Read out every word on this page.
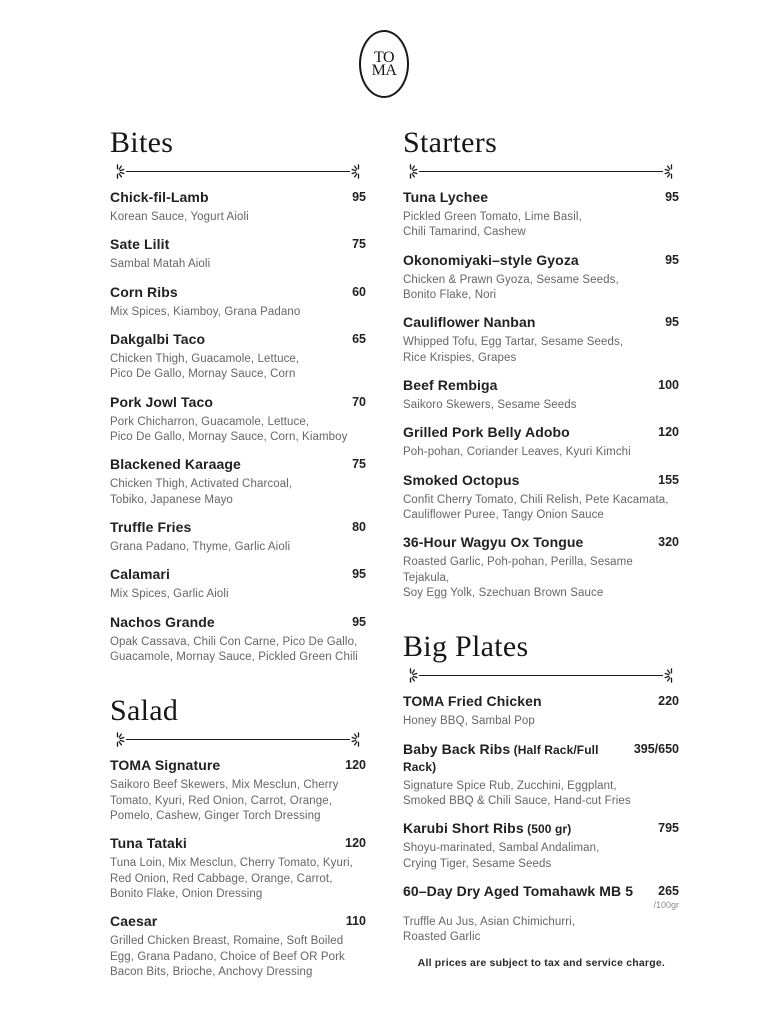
TO
MA
Bites
Chick-fil-Lamb	95
Korean Sauce, Yogurt Aioli
Sate Lilit	75
Sambal Matah Aioli
Corn Ribs	60
Mix Spices, Kiamboy, Grana Padano
Dakgalbi Taco	65
Chicken Thigh, Guacamole, Lettuce,
Pico De Gallo, Mornay Sauce, Corn
Pork Jowl Taco	70
Pork Chicharron, Guacamole, Lettuce,
Pico De Gallo, Mornay Sauce, Corn, Kiamboy
Blackened Karaage	75
Chicken Thigh, Activated Charcoal,
Tobiko, Japanese Mayo
Truffle Fries	80
Grana Padano, Thyme, Garlic Aioli
Calamari	95
Mix Spices, Garlic Aioli
Nachos Grande	95
Opak Cassava, Chili Con Carne, Pico De Gallo,
Guacamole, Mornay Sauce, Pickled Green Chili
Salad
TOMA Signature	120
Saikoro Beef Skewers, Mix Mesclun, Cherry
Tomato, Kyuri, Red Onion, Carrot, Orange,
Pomelo, Cashew, Ginger Torch Dressing
Tuna Tataki	120
Tuna Loin, Mix Mesclun, Cherry Tomato, Kyuri,
Red Onion, Red Cabbage, Orange, Carrot,
Bonito Flake, Onion Dressing
Caesar	110
Grilled Chicken Breast, Romaine, Soft Boiled
Egg, Grana Padano, Choice of Beef OR Pork
Bacon Bits, Brioche, Anchovy Dressing
Starters
Tuna Lychee	95
Pickled Green Tomato, Lime Basil,
Chili Tamarind, Cashew
Okonomiyaki–style Gyoza	95
Chicken & Prawn Gyoza, Sesame Seeds,
Bonito Flake, Nori
Cauliflower Nanban	95
Whipped Tofu, Egg Tartar, Sesame Seeds,
Rice Krispies, Grapes
Beef Rembiga	100
Saikoro Skewers, Sesame Seeds
Grilled Pork Belly Adobo	120
Poh-pohan, Coriander Leaves, Kyuri Kimchi
Smoked Octopus	155
Confit Cherry Tomato, Chili Relish, Pete Kacamata,
Cauliflower Puree, Tangy Onion Sauce
36-Hour Wagyu Ox Tongue	320
Roasted Garlic, Poh-pohan, Perilla, Sesame Tejakula,
Soy Egg Yolk, Szechuan Brown Sauce
Big Plates
TOMA Fried Chicken	220
Honey BBQ, Sambal Pop
Baby Back Ribs (Half Rack/Full Rack)
395/650
Signature Spice Rub, Zucchini, Eggplant,
Smoked BBQ & Chili Sauce, Hand-cut Fries
Karubi Short Ribs (500 gr)	795
Shoyu-marinated, Sambal Andaliman,
Crying Tiger, Sesame Seeds
60–Day Dry Aged Tomahawk MB 5	265
/100gr
Truffle Au Jus, Asian Chimichurri,
Roasted Garlic
All prices are subject to tax and service charge.
